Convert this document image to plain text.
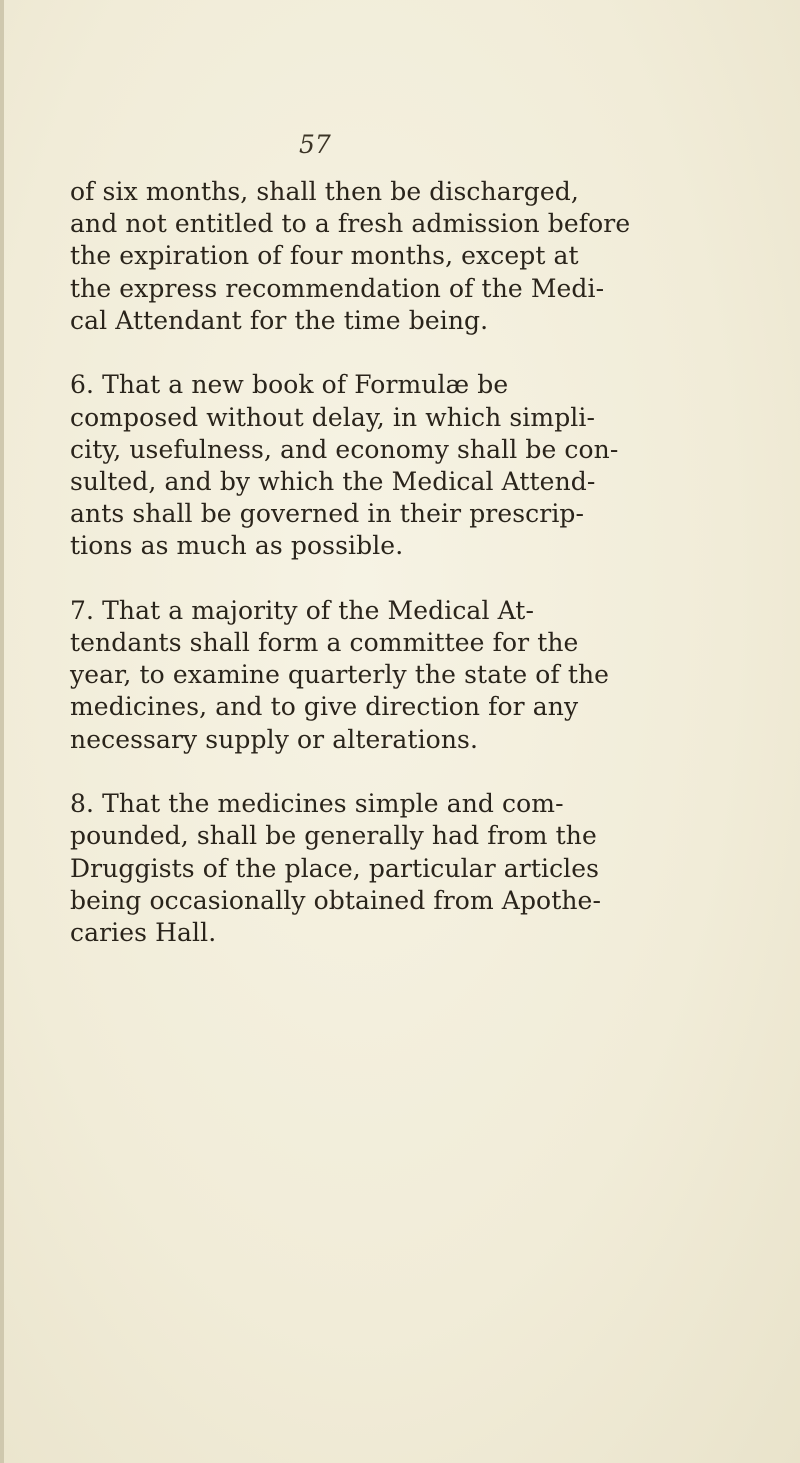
57
of six months, shall then be discharged,
and not entitled to a fresh admission before
the expiration of four months, except at
the express recommendation of the Medi-
cal Attendant for the time being.
6. That a new book of Formulæ be
composed without delay, in which simpli-
city, usefulness, and economy shall be con-
sulted, and by which the Medical Attend-
ants shall be governed in their prescrip-
tions as much as possible.
7. That a majority of the Medical At-
tendants shall form a committee for the
year, to examine quarterly the state of the
medicines, and to give direction for any
necessary supply or alterations.
8. That the medicines simple and com-
pounded, shall be generally had from the
Druggists of the place, particular articles
being occasionally obtained from Apothe-
caries Hall.
